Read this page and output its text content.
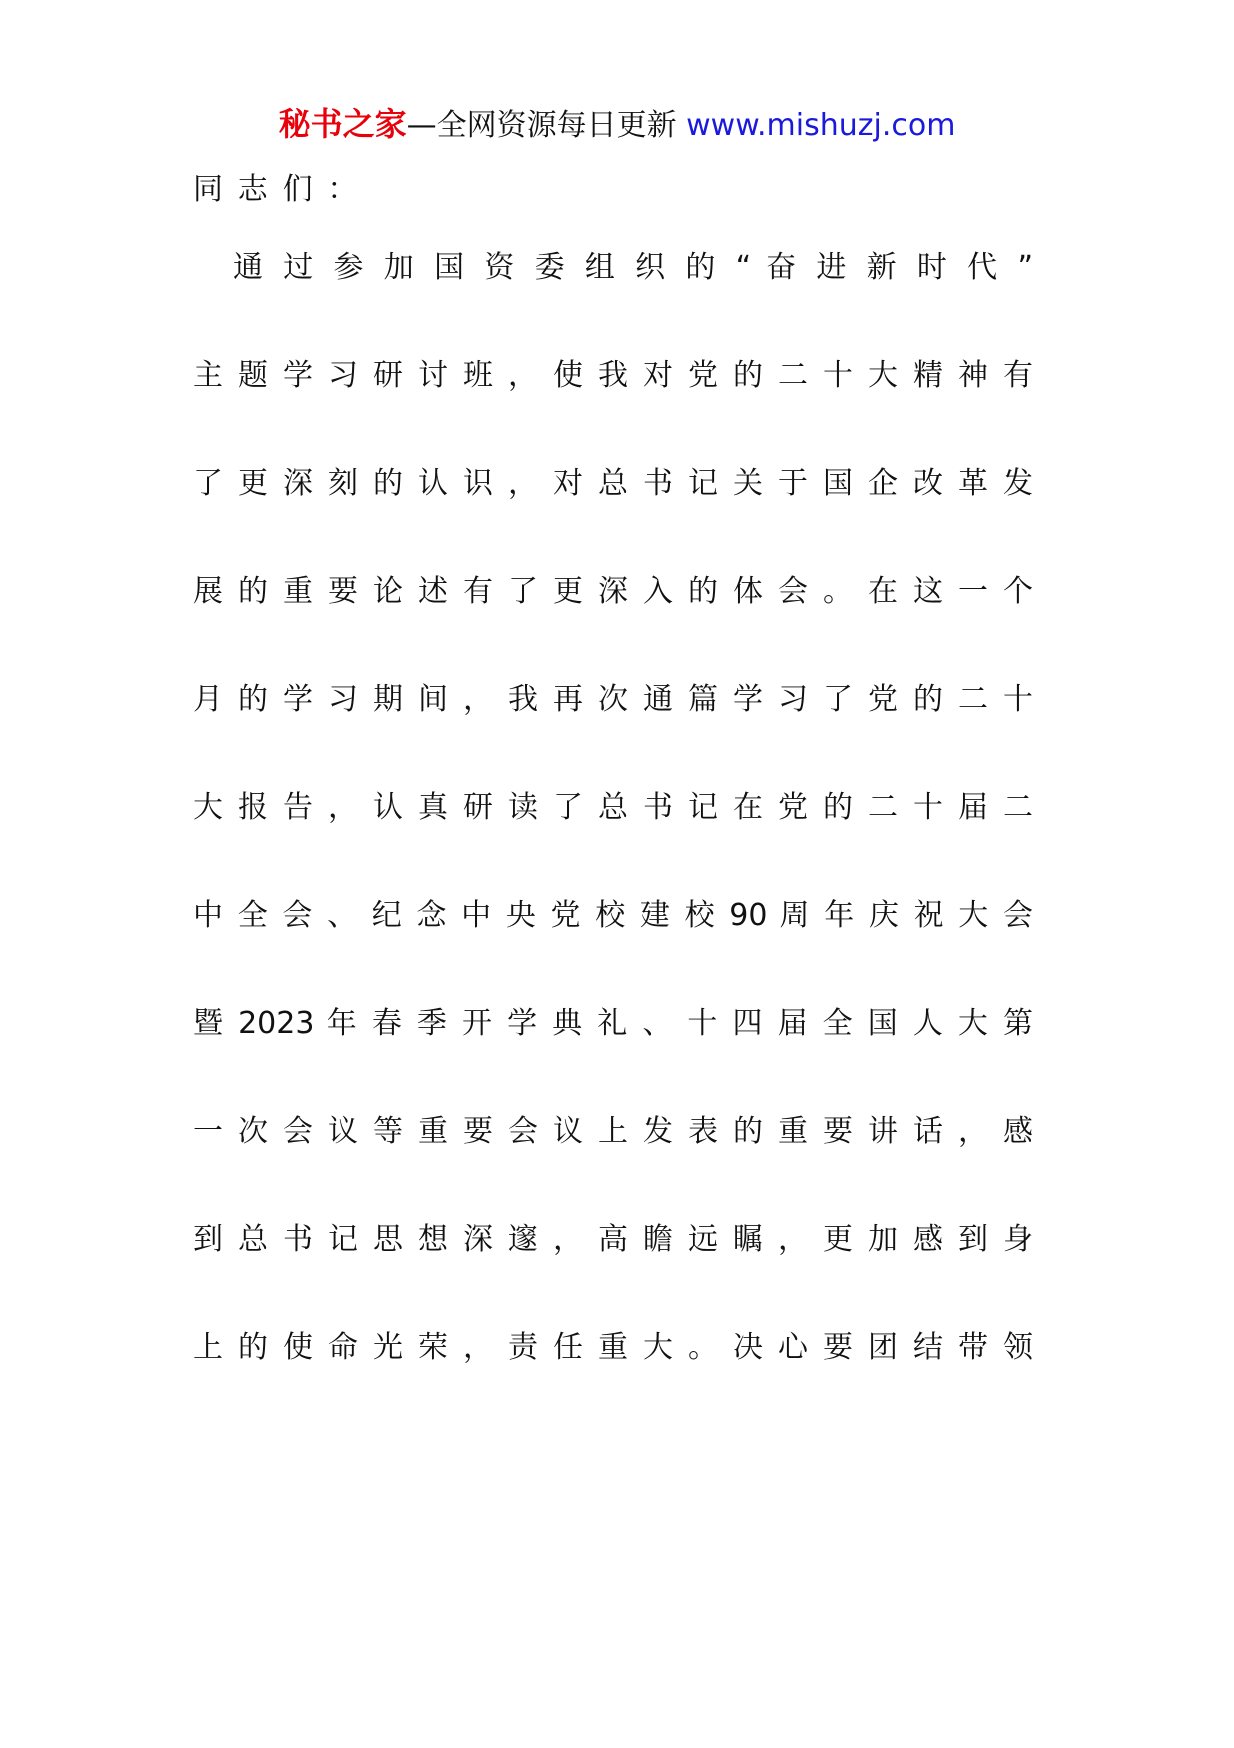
秘书之家—全网资源每日更新 www.mishuzj.com
同志们：
通 过 参 加 国 资 委 组 织 的 “ 奋 进 新 时 代 ”
主 题 学 习 研 讨 班 ， 使 我 对 党 的 二 十 大 精 神 有
了 更 深 刻 的 认 识 ， 对 总 书 记 关 于 国 企 改 革 发
展 的 重 要 论 述 有 了 更 深 入 的 体 会 。 在 这 一 个
月 的 学 习 期 间 ， 我 再 次 通 篇 学 习 了 党 的 二 十
大 报 告 ， 认 真 研 读 了 总 书 记 在 党 的 二 十 届 二
中 全 会 、 纪 念 中 央 党 校 建 校 90 周 年 庆 祝 大 会
暨 2023 年 春 季 开 学 典 礼 、 十 四 届 全 国 人 大 第
一 次 会 议 等 重 要 会 议 上 发 表 的 重 要 讲 话 ， 感
到 总 书 记 思 想 深 邃 ， 高 瞻 远 瞩 ， 更 加 感 到 身
上 的 使 命 光 荣 ， 责 任 重 大 。 决 心 要 团 结 带 领
